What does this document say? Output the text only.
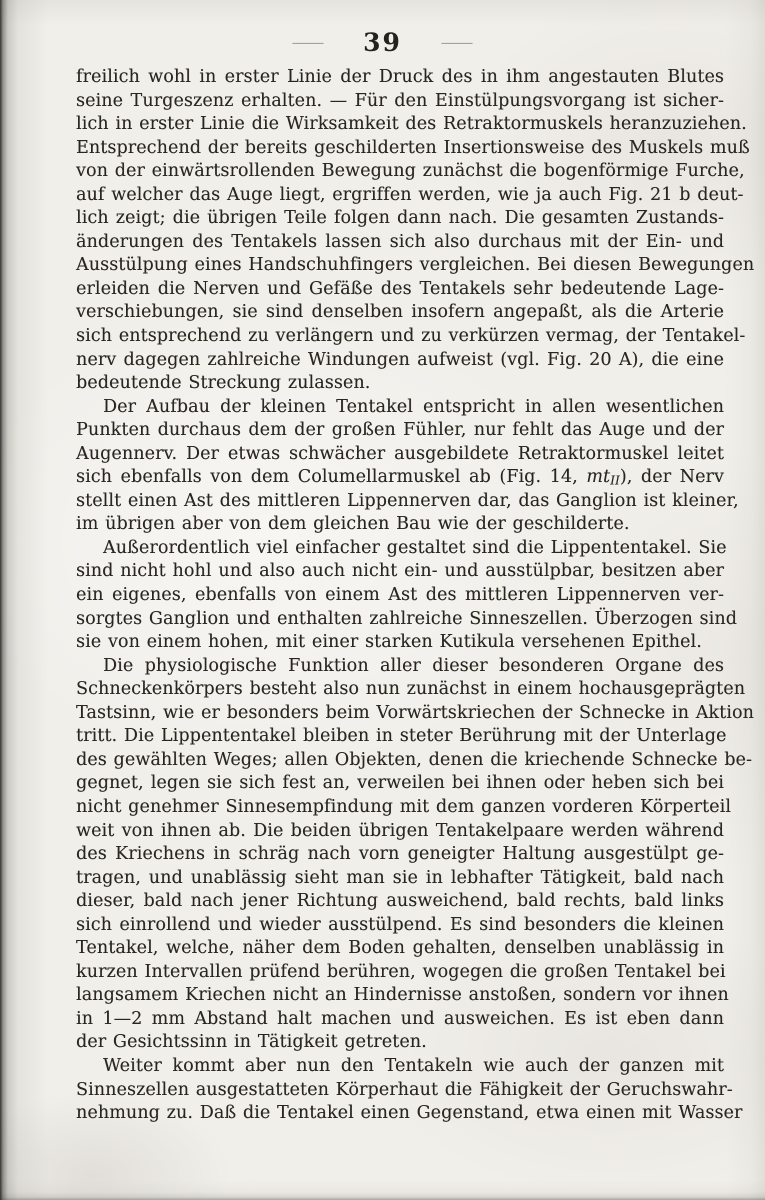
— 39 —
freilich wohl in erster Linie der Druck des in ihm angestauten Blutes
seine Turgeszenz erhalten. — Für den Einstülpungsvorgang ist sicher-
lich in erster Linie die Wirksamkeit des Retraktormuskels heranzuziehen.
Entsprechend der bereits geschilderten Insertionsweise des Muskels muß
von der einwärtsrollenden Bewegung zunächst die bogenförmige Furche,
auf welcher das Auge liegt, ergriffen werden, wie ja auch Fig. 21 b deut-
lich zeigt; die übrigen Teile folgen dann nach. Die gesamten Zustands-
änderungen des Tentakels lassen sich also durchaus mit der Ein- und
Ausstülpung eines Handschuhfingers vergleichen. Bei diesen Bewegungen
erleiden die Nerven und Gefäße des Tentakels sehr bedeutende Lage-
verschiebungen, sie sind denselben insofern angepaßt, als die Arterie
sich entsprechend zu verlängern und zu verkürzen vermag, der Tentakel-
nerv dagegen zahlreiche Windungen aufweist (vgl. Fig. 20 A), die eine
bedeutende Streckung zulassen.
Der Aufbau der kleinen Tentakel entspricht in allen wesentlichen
Punkten durchaus dem der großen Fühler, nur fehlt das Auge und der
Augennerv. Der etwas schwächer ausgebildete Retraktormuskel leitet
sich ebenfalls von dem Columellarmuskel ab (Fig. 14, mtII), der Nerv
stellt einen Ast des mittleren Lippennerven dar, das Ganglion ist kleiner,
im übrigen aber von dem gleichen Bau wie der geschilderte.
Außerordentlich viel einfacher gestaltet sind die Lippententakel. Sie
sind nicht hohl und also auch nicht ein- und ausstülpbar, besitzen aber
ein eigenes, ebenfalls von einem Ast des mittleren Lippennerven ver-
sorgtes Ganglion und enthalten zahlreiche Sinneszellen. Überzogen sind
sie von einem hohen, mit einer starken Kutikula versehenen Epithel.
Die physiologische Funktion aller dieser besonderen Organe des
Schneckenkörpers besteht also nun zunächst in einem hochausgeprägten
Tastsinn, wie er besonders beim Vorwärtskriechen der Schnecke in Aktion
tritt. Die Lippententakel bleiben in steter Berührung mit der Unterlage
des gewählten Weges; allen Objekten, denen die kriechende Schnecke be-
gegnet, legen sie sich fest an, verweilen bei ihnen oder heben sich bei
nicht genehmer Sinnesempfindung mit dem ganzen vorderen Körperteil
weit von ihnen ab. Die beiden übrigen Tentakelpaare werden während
des Kriechens in schräg nach vorn geneigter Haltung ausgestülpt ge-
tragen, und unablässig sieht man sie in lebhafter Tätigkeit, bald nach
dieser, bald nach jener Richtung ausweichend, bald rechts, bald links
sich einrollend und wieder ausstülpend. Es sind besonders die kleinen
Tentakel, welche, näher dem Boden gehalten, denselben unablässig in
kurzen Intervallen prüfend berühren, wogegen die großen Tentakel bei
langsamem Kriechen nicht an Hindernisse anstoßen, sondern vor ihnen
in 1—2 mm Abstand halt machen und ausweichen. Es ist eben dann
der Gesichtssinn in Tätigkeit getreten.
Weiter kommt aber nun den Tentakeln wie auch der ganzen mit
Sinneszellen ausgestatteten Körperhaut die Fähigkeit der Geruchswahr-
nehmung zu. Daß die Tentakel einen Gegenstand, etwa einen mit Wasser
